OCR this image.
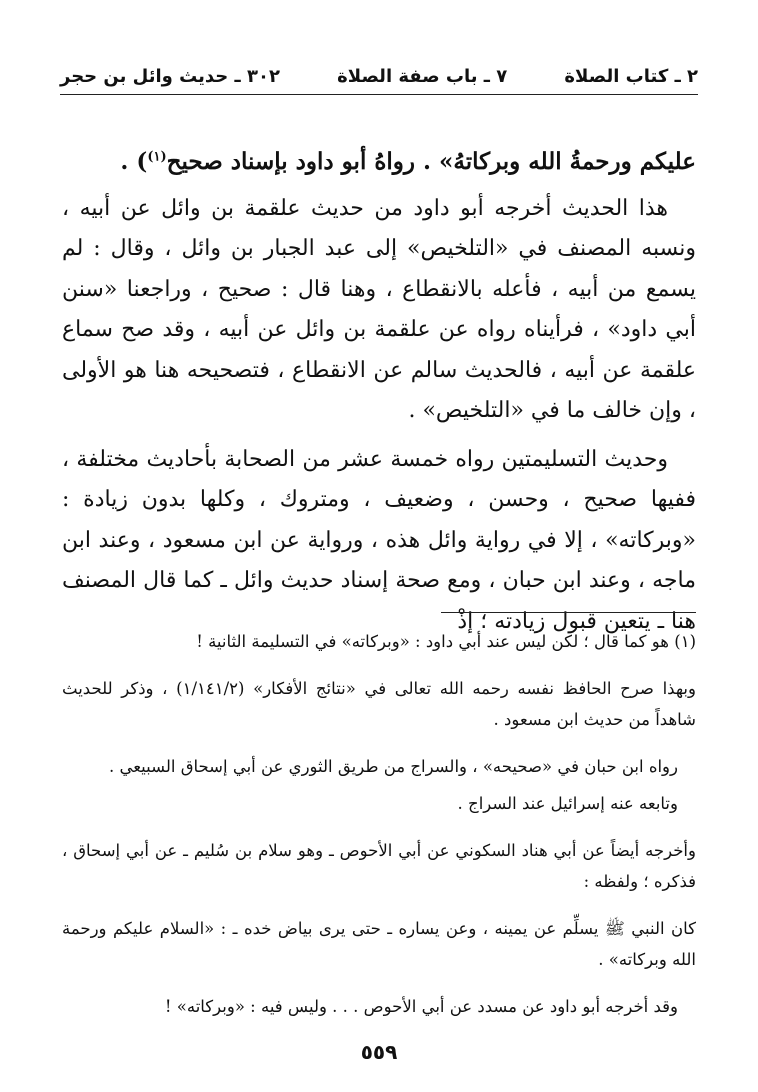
٢ ـ كتاب الصلاة
٧ ـ باب صفة الصلاة
٣٠٢ ـ حديث وائل بن حجر

عليكم ورحمةُ الله وبركاتهُ» . رواهُ أبو داود بإسناد صحيح$^{(١)}$) .

هذا الحديث أخرجه أبو داود من حديث علقمة بن وائل عن أبيه ، ونسبه المصنف في «التلخيص» إلى عبد الجبار بن وائل ، وقال : لم يسمع من أبيه ، فأعله بالانقطاع ، وهنا قال : صحيح ، وراجعنا «سنن أبي داود» ، فرأيناه رواه عن علقمة بن وائل عن أبيه ، وقد صح سماع علقمة عن أبيه ، فالحديث سالم عن الانقطاع ، فتصحيحه هنا هو الأولى ، وإن خالف ما في «التلخيص» .

وحديث التسليمتين رواه خمسة عشر من الصحابة بأحاديث مختلفة ، ففيها صحيح ، وحسن ، وضعيف ، ومتروك ، وكلها بدون زيادة : «وبركاته» ، إلا في رواية وائل هذه ، ورواية عن ابن مسعود ، وعند ابن ماجه ، وعند ابن حبان ، ومع صحة إسناد حديث وائل ـ كما قال المصنف هنا ـ يتعين قبول زيادته ؛ إذْ

(١) هو كما قال ؛ لكن ليس عند أبي داود : «وبركاته» في التسليمة الثانية !

وبهذا صرح الحافظ نفسه رحمه الله تعالى في «نتائج الأفكار» (١/١٤١/٢) ، وذكر للحديث شاهداً من حديث ابن مسعود .

رواه ابن حبان في «صحيحه» ، والسراج من طريق الثوري عن أبي إسحاق السبيعي .

وتابعه عنه إسرائيل عند السراج .

وأخرجه أيضاً عن أبي هناد السكوني عن أبي الأحوص ـ وهو سلام بن سُليم ـ عن أبي إسحاق ، فذكره ؛ ولفظه :

كان النبي ﷺ يسلِّم عن يمينه ، وعن يساره ـ حتى يرى بياض خده ـ : «السلام عليكم ورحمة الله وبركاته» .

وقد أخرجه أبو داود عن مسدد عن أبي الأحوص . . . وليس فيه : «وبركاته» !

٥٥٩
